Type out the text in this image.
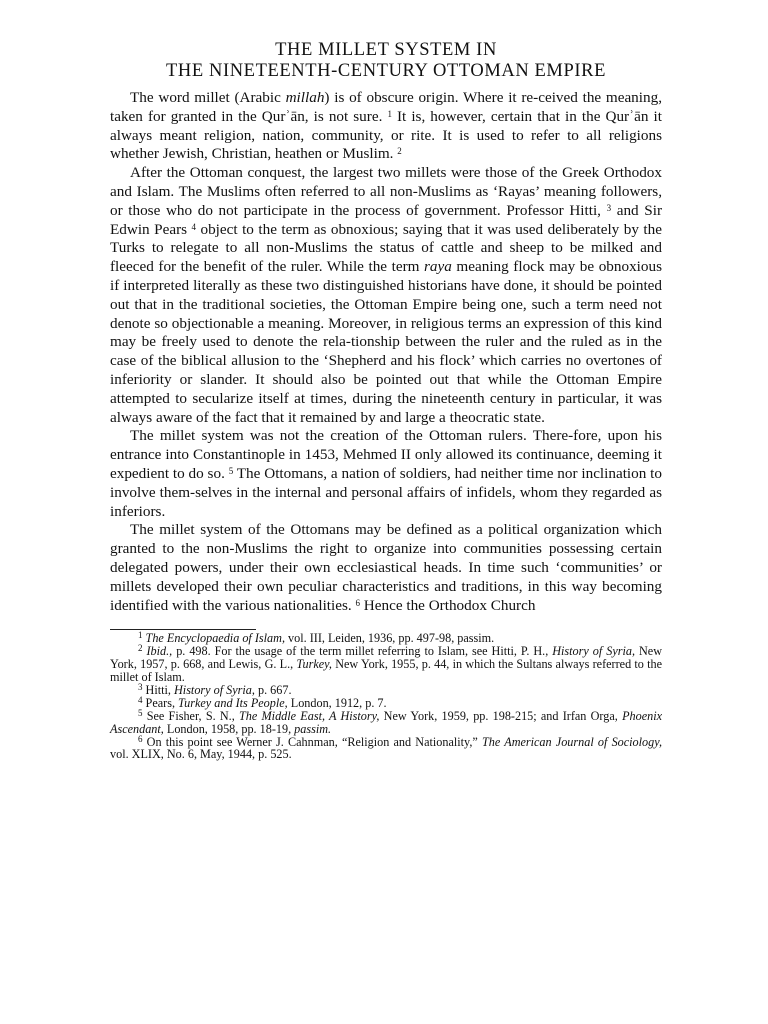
THE MILLET SYSTEM IN
THE NINETEENTH-CENTURY OTTOMAN EMPIRE

The word millet (Arabic millah) is of obscure origin. Where it re-ceived the meaning, taken for granted in the Qurʾān, is not sure. $^1$ It is, however, certain that in the Qurʾān it always meant religion, nation, community, or rite. It is used to refer to all religions whether Jewish, Christian, heathen or Muslim. $^2$

After the Ottoman conquest, the largest two millets were those of the Greek Orthodox and Islam. The Muslims often referred to all non-Muslims as ‘Rayas’ meaning followers, or those who do not participate in the process of government. Professor Hitti, $^3$ and Sir Edwin Pears $^4$ object to the term as obnoxious; saying that it was used deliberately by the Turks to relegate to all non-Muslims the status of cattle and sheep to be milked and fleeced for the benefit of the ruler. While the term raya meaning flock may be obnoxious if interpreted literally as these two distinguished historians have done, it should be pointed out that in the traditional societies, the Ottoman Empire being one, such a term need not denote so objectionable a meaning. Moreover, in religious terms an expression of this kind may be freely used to denote the rela-tionship between the ruler and the ruled as in the case of the biblical allusion to the ‘Shepherd and his flock’ which carries no overtones of inferiority or slander. It should also be pointed out that while the Ottoman Empire attempted to secularize itself at times, during the nineteenth century in particular, it was always aware of the fact that it remained by and large a theocratic state.

The millet system was not the creation of the Ottoman rulers. There-fore, upon his entrance into Constantinople in 1453, Mehmed II only allowed its continuance, deeming it expedient to do so. $^5$ The Ottomans, a nation of soldiers, had neither time nor inclination to involve them-selves in the internal and personal affairs of infidels, whom they regarded as inferiors.

The millet system of the Ottomans may be defined as a political organization which granted to the non-Muslims the right to organize into communities possessing certain delegated powers, under their own ecclesiastical heads. In time such ‘communities’ or millets developed their own peculiar characteristics and traditions, in this way becoming identified with the various nationalities. $^6$ Hence the Orthodox Church

$^1$ The Encyclopaedia of Islam, vol. III, Leiden, 1936, pp. 497-98, passim.

$^2$ Ibid., p. 498. For the usage of the term millet referring to Islam, see Hitti, P. H., History of Syria, New York, 1957, p. 668, and Lewis, G. L., Turkey, New York, 1955, p. 44, in which the Sultans always referred to the millet of Islam.

$^3$ Hitti, History of Syria, p. 667.

$^4$ Pears, Turkey and Its People, London, 1912, p. 7.

$^5$ See Fisher, S. N., The Middle East, A History, New York, 1959, pp. 198-215; and Irfan Orga, Phoenix Ascendant, London, 1958, pp. 18-19, passim.

$^6$ On this point see Werner J. Cahnman, “Religion and Nationality,” The American Journal of Sociology, vol. XLIX, No. 6, May, 1944, p. 525.
